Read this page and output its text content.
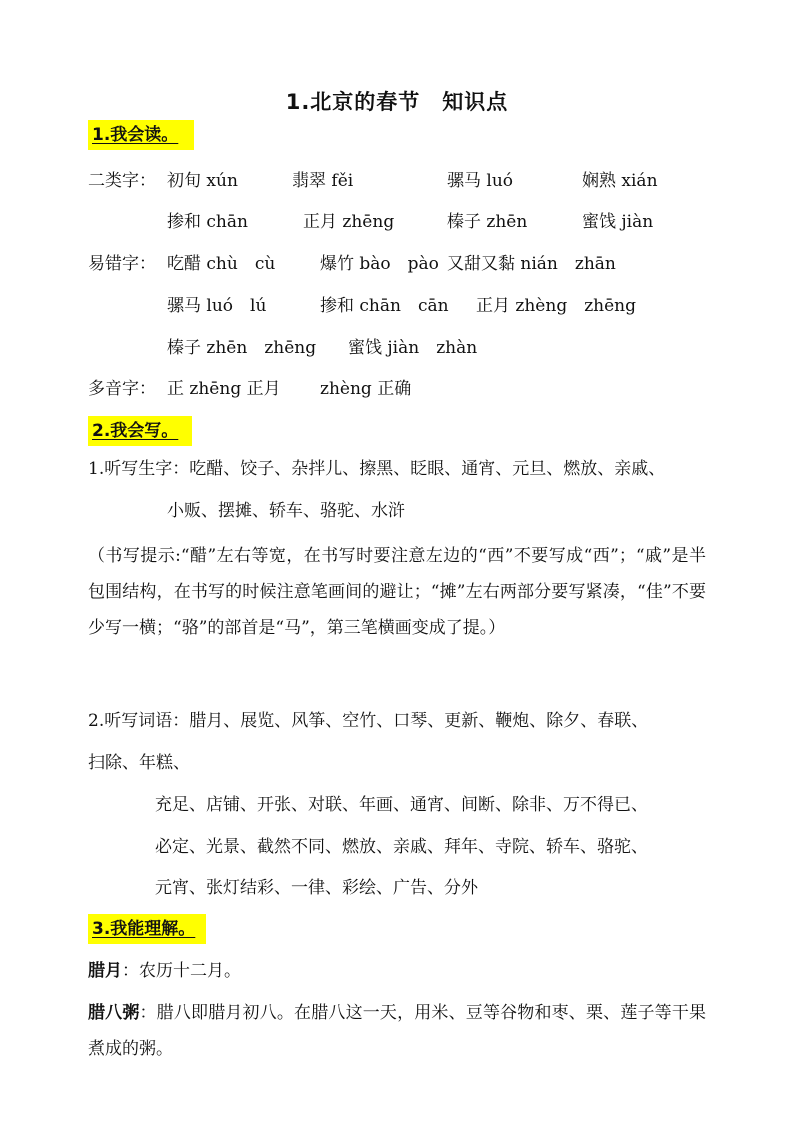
1.北京的春节　知识点
1.我会读。
二类字： 初旬 xún	翡翠 fěi	骡马 luó	娴熟 xián
掺和 chān	正月 zhēng	榛子 zhēn	蜜饯 jiàn
易错字： 吃醋 chù　cù	爆竹 bào　pào 又甜又黏 nián　zhān
骡马 luó　lú	掺和 chān　cān 正月 zhèng　zhēng
榛子 zhēn　zhēng 蜜饯 jiàn　zhàn
多音字： 正 zhēng 正月 zhèng 正确
2.我会写。
1.听写生字：吃醋、饺子、杂拌儿、擦黑、眨眼、通宵、元旦、燃放、亲戚、
小贩、摆摊、轿车、骆驼、水浒
（书写提示:“醋”左右等宽，在书写时要注意左边的“西”不要写成“西”；“戚”是半包围结构，在书写的时候注意笔画间的避让；“摊”左右两部分要写紧凑，“佳”不要少写一横；“骆”的部首是“马”，第三笔横画变成了提。）
2.听写词语：腊月、展览、风筝、空竹、口琴、更新、鞭炮、除夕、春联、
扫除、年糕、
充足、店铺、开张、对联、年画、通宵、间断、除非、万不得已、
必定、光景、截然不同、燃放、亲戚、拜年、寺院、轿车、骆驼、
元宵、张灯结彩、一律、彩绘、广告、分外
3.我能理解。
腊月：农历十二月。
腊八粥：腊八即腊月初八。在腊八这一天，用米、豆等谷物和枣、栗、莲子等干果煮成的粥。
